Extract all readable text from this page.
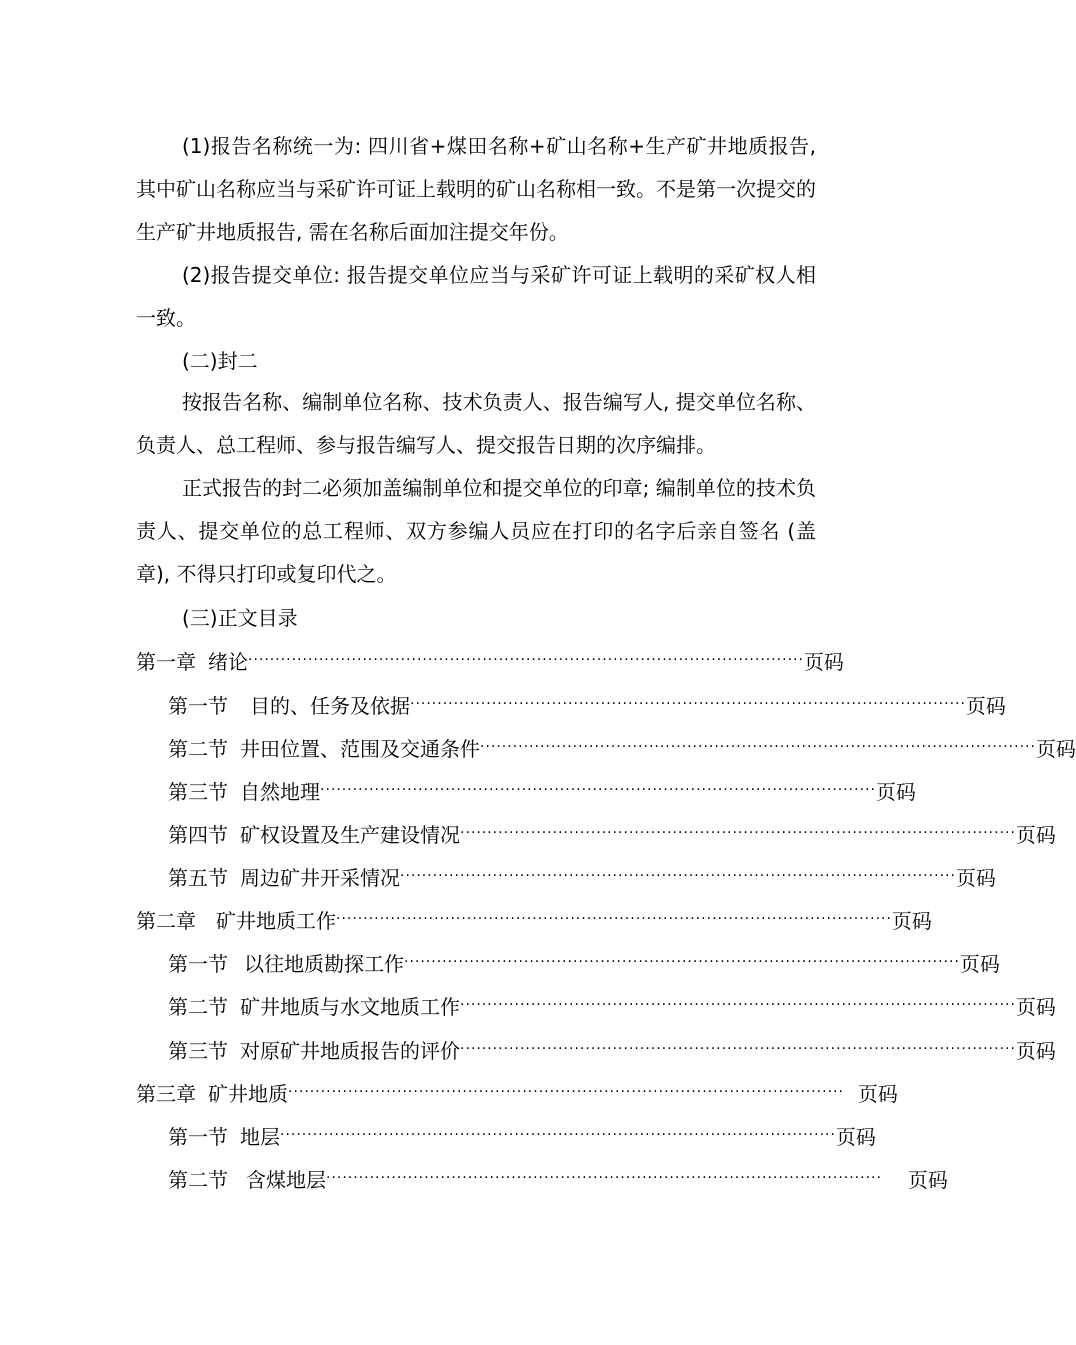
(1)报告名称统一为: 四川省+煤田名称+矿山名称+生产矿井地质报告, 其中矿山名称应当与采矿许可证上载明的矿山名称相一致。不是第一次提交的生产矿井地质报告, 需在名称后面加注提交年份。

(2)报告提交单位: 报告提交单位应当与采矿许可证上载明的采矿权人相一致。

(二)封二

按报告名称、编制单位名称、技术负责人、报告编写人, 提交单位名称、负责人、总工程师、参与报告编写人、提交报告日期的次序编排。

正式报告的封二必须加盖编制单位和提交单位的印章; 编制单位的技术负责人、提交单位的总工程师、双方参编人员应在打印的名字后亲自签名 (盖章), 不得只打印或复印代之。

(三)正文目录

第一章 绪论 ······································································································ 页码
第一节 目的、任务及依据 ······································································································ 页码
第二节 井田位置、范围及交通条件 ······································································································ 页码
第三节 自然地理 ······································································································ 页码
第四节 矿权设置及生产建设情况 ······································································································ 页码
第五节 周边矿井开采情况 ······································································································ 页码
第二章 矿井地质工作 ······································································································ 页码
第一节 以往地质勘探工作 ······································································································ 页码
第二节 矿井地质与水文地质工作 ······································································································ 页码
第三节 对原矿井地质报告的评价 ······································································································ 页码
第三章 矿井地质 ······································································································ 页码
第一节 地层 ······································································································ 页码
第二节 含煤地层 ······································································································ 页码
